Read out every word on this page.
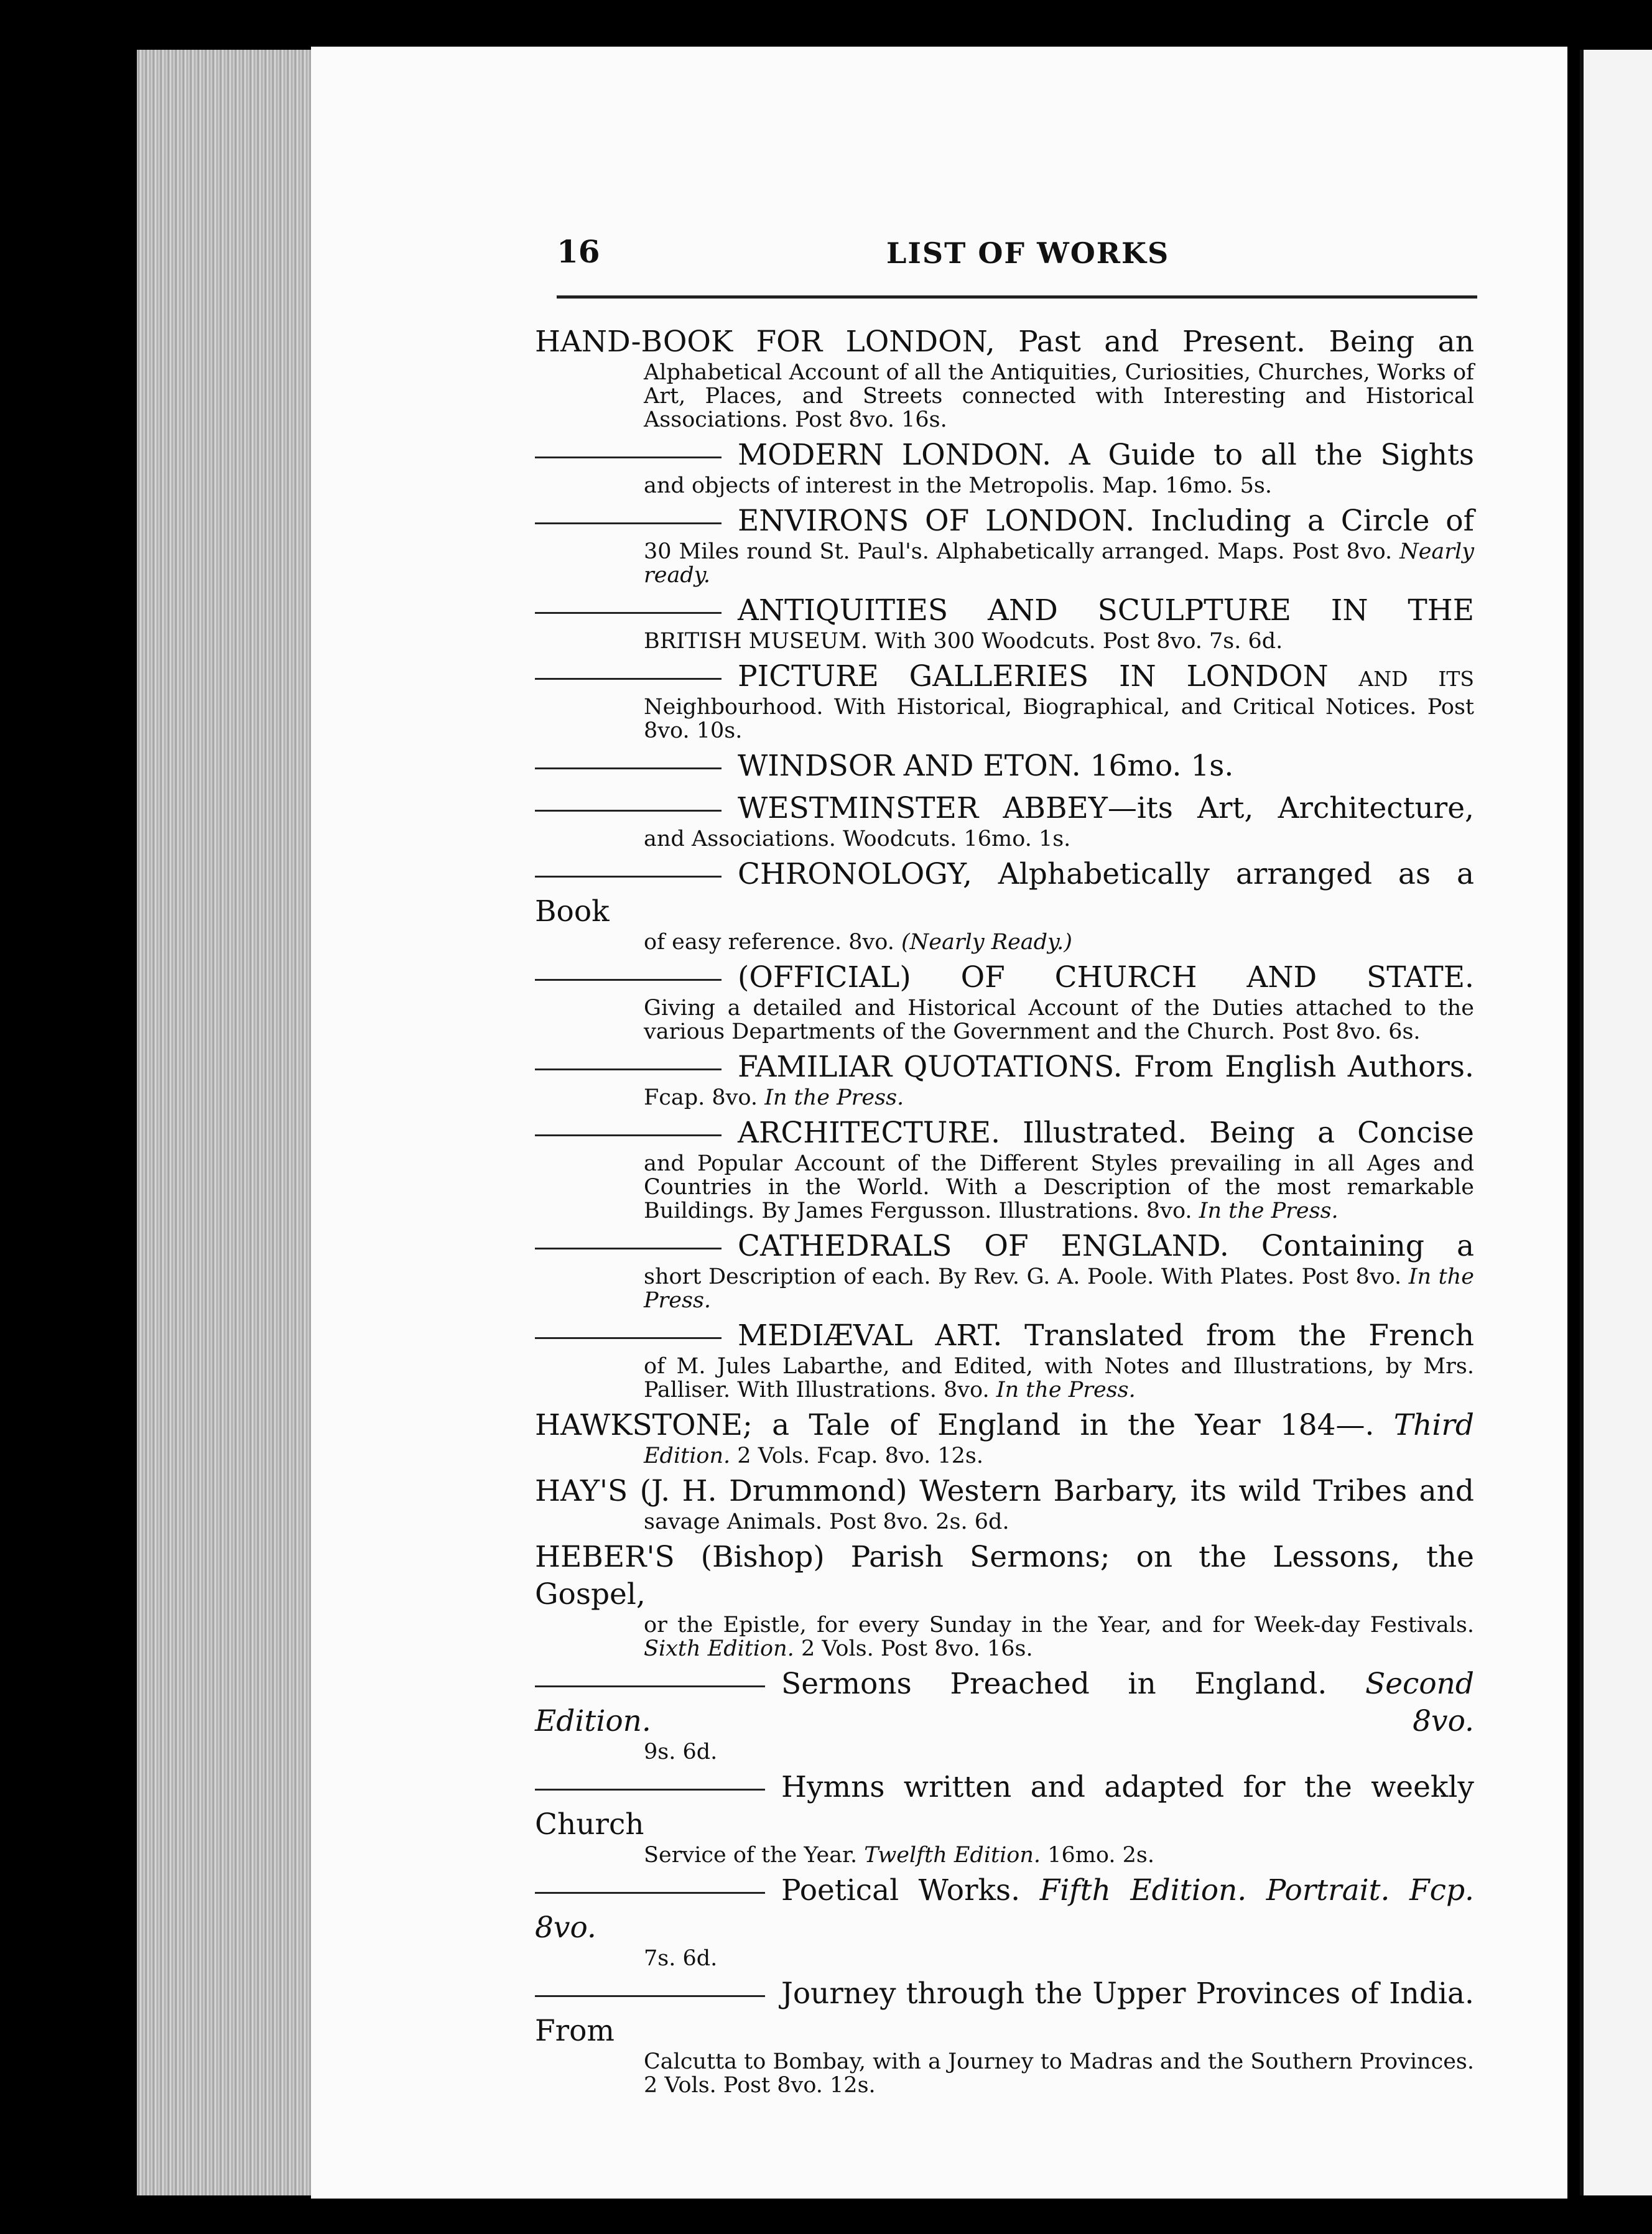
16	LIST OF WORKS
HAND-BOOK FOR LONDON, Past and Present. Being an
Alphabetical Account of all the Antiquities, Curiosities, Churches, Works of Art, Places, and Streets connected with Interesting and Historical Associations. Post 8vo. 16s.
MODERN LONDON. A Guide to all the Sights
and objects of interest in the Metropolis. Map. 16mo. 5s.
ENVIRONS OF LONDON. Including a Circle of
30 Miles round St. Paul's. Alphabetically arranged. Maps. Post 8vo. Nearly ready.
ANTIQUITIES AND SCULPTURE IN THE
BRITISH MUSEUM. With 300 Woodcuts. Post 8vo. 7s. 6d.
PICTURE GALLERIES IN LONDON and its
Neighbourhood. With Historical, Biographical, and Critical Notices. Post 8vo. 10s.
WINDSOR AND ETON. 16mo. 1s.
WESTMINSTER ABBEY—its Art, Architecture,
and Associations. Woodcuts. 16mo. 1s.
CHRONOLOGY, Alphabetically arranged as a Book
of easy reference. 8vo. (Nearly Ready.)
(OFFICIAL) OF CHURCH AND STATE.
Giving a detailed and Historical Account of the Duties attached to the various Departments of the Government and the Church. Post 8vo. 6s.
FAMILIAR QUOTATIONS. From English Authors.
Fcap. 8vo. In the Press.
ARCHITECTURE. Illustrated. Being a Concise
and Popular Account of the Different Styles prevailing in all Ages and Countries in the World. With a Description of the most remarkable Buildings. By James Fergusson. Illustrations. 8vo. In the Press.
CATHEDRALS OF ENGLAND. Containing a
short Description of each. By Rev. G. A. Poole. With Plates. Post 8vo. In the Press.
MEDIÆVAL ART. Translated from the French
of M. Jules Labarthe, and Edited, with Notes and Illustrations, by Mrs. Palliser. With Illustrations. 8vo. In the Press.
HAWKSTONE; a Tale of England in the Year 184—. Third
Edition. 2 Vols. Fcap. 8vo. 12s.
HAY'S (J. H. Drummond) Western Barbary, its wild Tribes and
savage Animals. Post 8vo. 2s. 6d.
HEBER'S (Bishop) Parish Sermons; on the Lessons, the Gospel,
or the Epistle, for every Sunday in the Year, and for Week-day Festivals. Sixth Edition. 2 Vols. Post 8vo. 16s.
Sermons Preached in England. Second Edition. 8vo.
9s. 6d.
Hymns written and adapted for the weekly Church
Service of the Year. Twelfth Edition. 16mo. 2s.
Poetical Works. Fifth Edition. Portrait. Fcp. 8vo.
7s. 6d.
Journey through the Upper Provinces of India. From
Calcutta to Bombay, with a Journey to Madras and the Southern Provinces. 2 Vols. Post 8vo. 12s.
